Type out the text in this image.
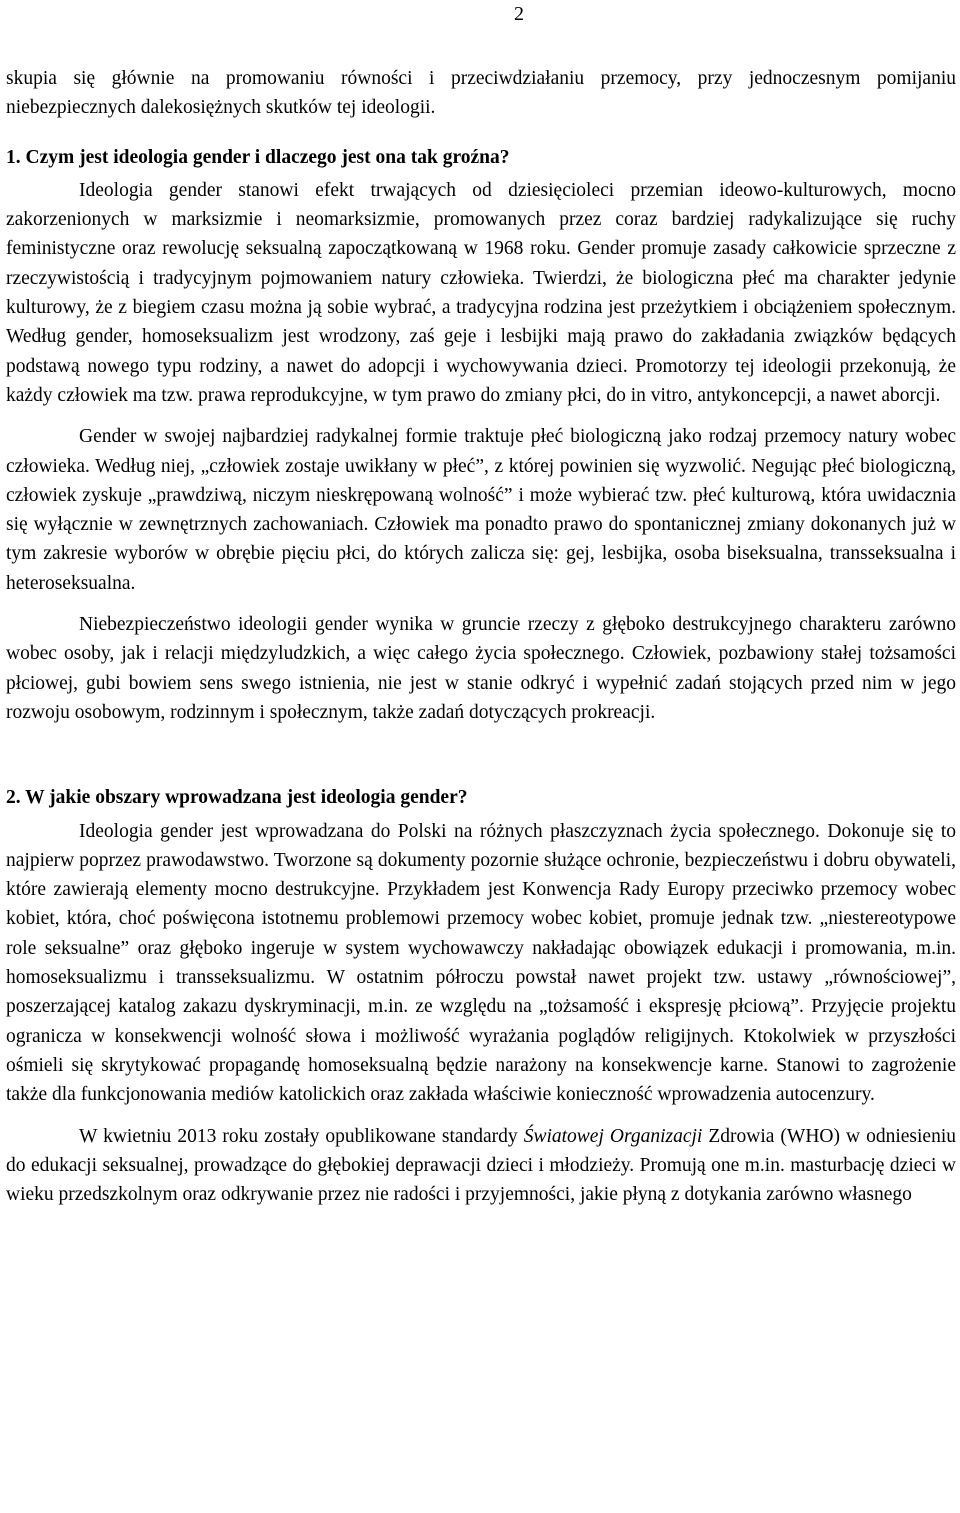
2

skupia się głównie na promowaniu równości i przeciwdziałaniu przemocy, przy jednoczesnym pomijaniu niebezpiecznych dalekosiężnych skutków tej ideologii.

1. Czym jest ideologia gender i dlaczego jest ona tak groźna?

Ideologia gender stanowi efekt trwających od dziesięcioleci przemian ideowo-kulturowych, mocno zakorzenionych w marksizmie i neomarksizmie, promowanych przez coraz bardziej radykalizujące się ruchy feministyczne oraz rewolucję seksualną zapoczątkowaną w 1968 roku. Gender promuje zasady całkowicie sprzeczne z rzeczywistością i tradycyjnym pojmowaniem natury człowieka. Twierdzi, że biologiczna płeć ma charakter jedynie kulturowy, że z biegiem czasu można ją sobie wybrać, a tradycyjna rodzina jest przeżytkiem i obciążeniem społecznym. Według gender, homoseksualizm jest wrodzony, zaś geje i lesbijki mają prawo do zakładania związków będących podstawą nowego typu rodziny, a nawet do adopcji i wychowywania dzieci. Promotorzy tej ideologii przekonują, że każdy człowiek ma tzw. prawa reprodukcyjne, w tym prawo do zmiany płci, do in vitro, antykoncepcji, a nawet aborcji.

Gender w swojej najbardziej radykalnej formie traktuje płeć biologiczną jako rodzaj przemocy natury wobec człowieka. Według niej, „człowiek zostaje uwikłany w płeć”, z której powinien się wyzwolić. Negując płeć biologiczną, człowiek zyskuje „prawdziwą, niczym nieskrępowaną wolność” i może wybierać tzw. płeć kulturową, która uwidacznia się wyłącznie w zewnętrznych zachowaniach. Człowiek ma ponadto prawo do spontanicznej zmiany dokonanych już w tym zakresie wyborów w obrębie pięciu płci, do których zalicza się: gej, lesbijka, osoba biseksualna, transseksualna i heteroseksualna.

Niebezpieczeństwo ideologii gender wynika w gruncie rzeczy z głęboko destrukcyjnego charakteru zarówno wobec osoby, jak i relacji międzyludzkich, a więc całego życia społecznego. Człowiek, pozbawiony stałej tożsamości płciowej, gubi bowiem sens swego istnienia, nie jest w stanie odkryć i wypełnić zadań stojących przed nim w jego rozwoju osobowym, rodzinnym i społecznym, także zadań dotyczących prokreacji.

2. W jakie obszary wprowadzana jest ideologia gender?

Ideologia gender jest wprowadzana do Polski na różnych płaszczyznach życia społecznego. Dokonuje się to najpierw poprzez prawodawstwo. Tworzone są dokumenty pozornie służące ochronie, bezpieczeństwu i dobru obywateli, które zawierają elementy mocno destrukcyjne. Przykładem jest Konwencja Rady Europy przeciwko przemocy wobec kobiet, która, choć poświęcona istotnemu problemowi przemocy wobec kobiet, promuje jednak tzw. „niestereotypowe role seksualne” oraz głęboko ingeruje w system wychowawczy nakładając obowiązek edukacji i promowania, m.in. homoseksualizmu i transseksualizmu. W ostatnim półroczu powstał nawet projekt tzw. ustawy „równościowej”, poszerzającej katalog zakazu dyskryminacji, m.in. ze względu na „tożsamość i ekspresję płciową”. Przyjęcie projektu ogranicza w konsekwencji wolność słowa i możliwość wyrażania poglądów religijnych. Ktokolwiek w przyszłości ośmieli się skrytykować propagandę homoseksualną będzie narażony na konsekwencje karne. Stanowi to zagrożenie także dla funkcjonowania mediów katolickich oraz zakłada właściwie konieczność wprowadzenia autocenzury.

W kwietniu 2013 roku zostały opublikowane standardy Światowej Organizacji Zdrowia (WHO) w odniesieniu do edukacji seksualnej, prowadzące do głębokiej deprawacji dzieci i młodzieży. Promują one m.in. masturbację dzieci w wieku przedszkolnym oraz odkrywanie przez nie radości i przyjemności, jakie płyną z dotykania zarówno własnego
